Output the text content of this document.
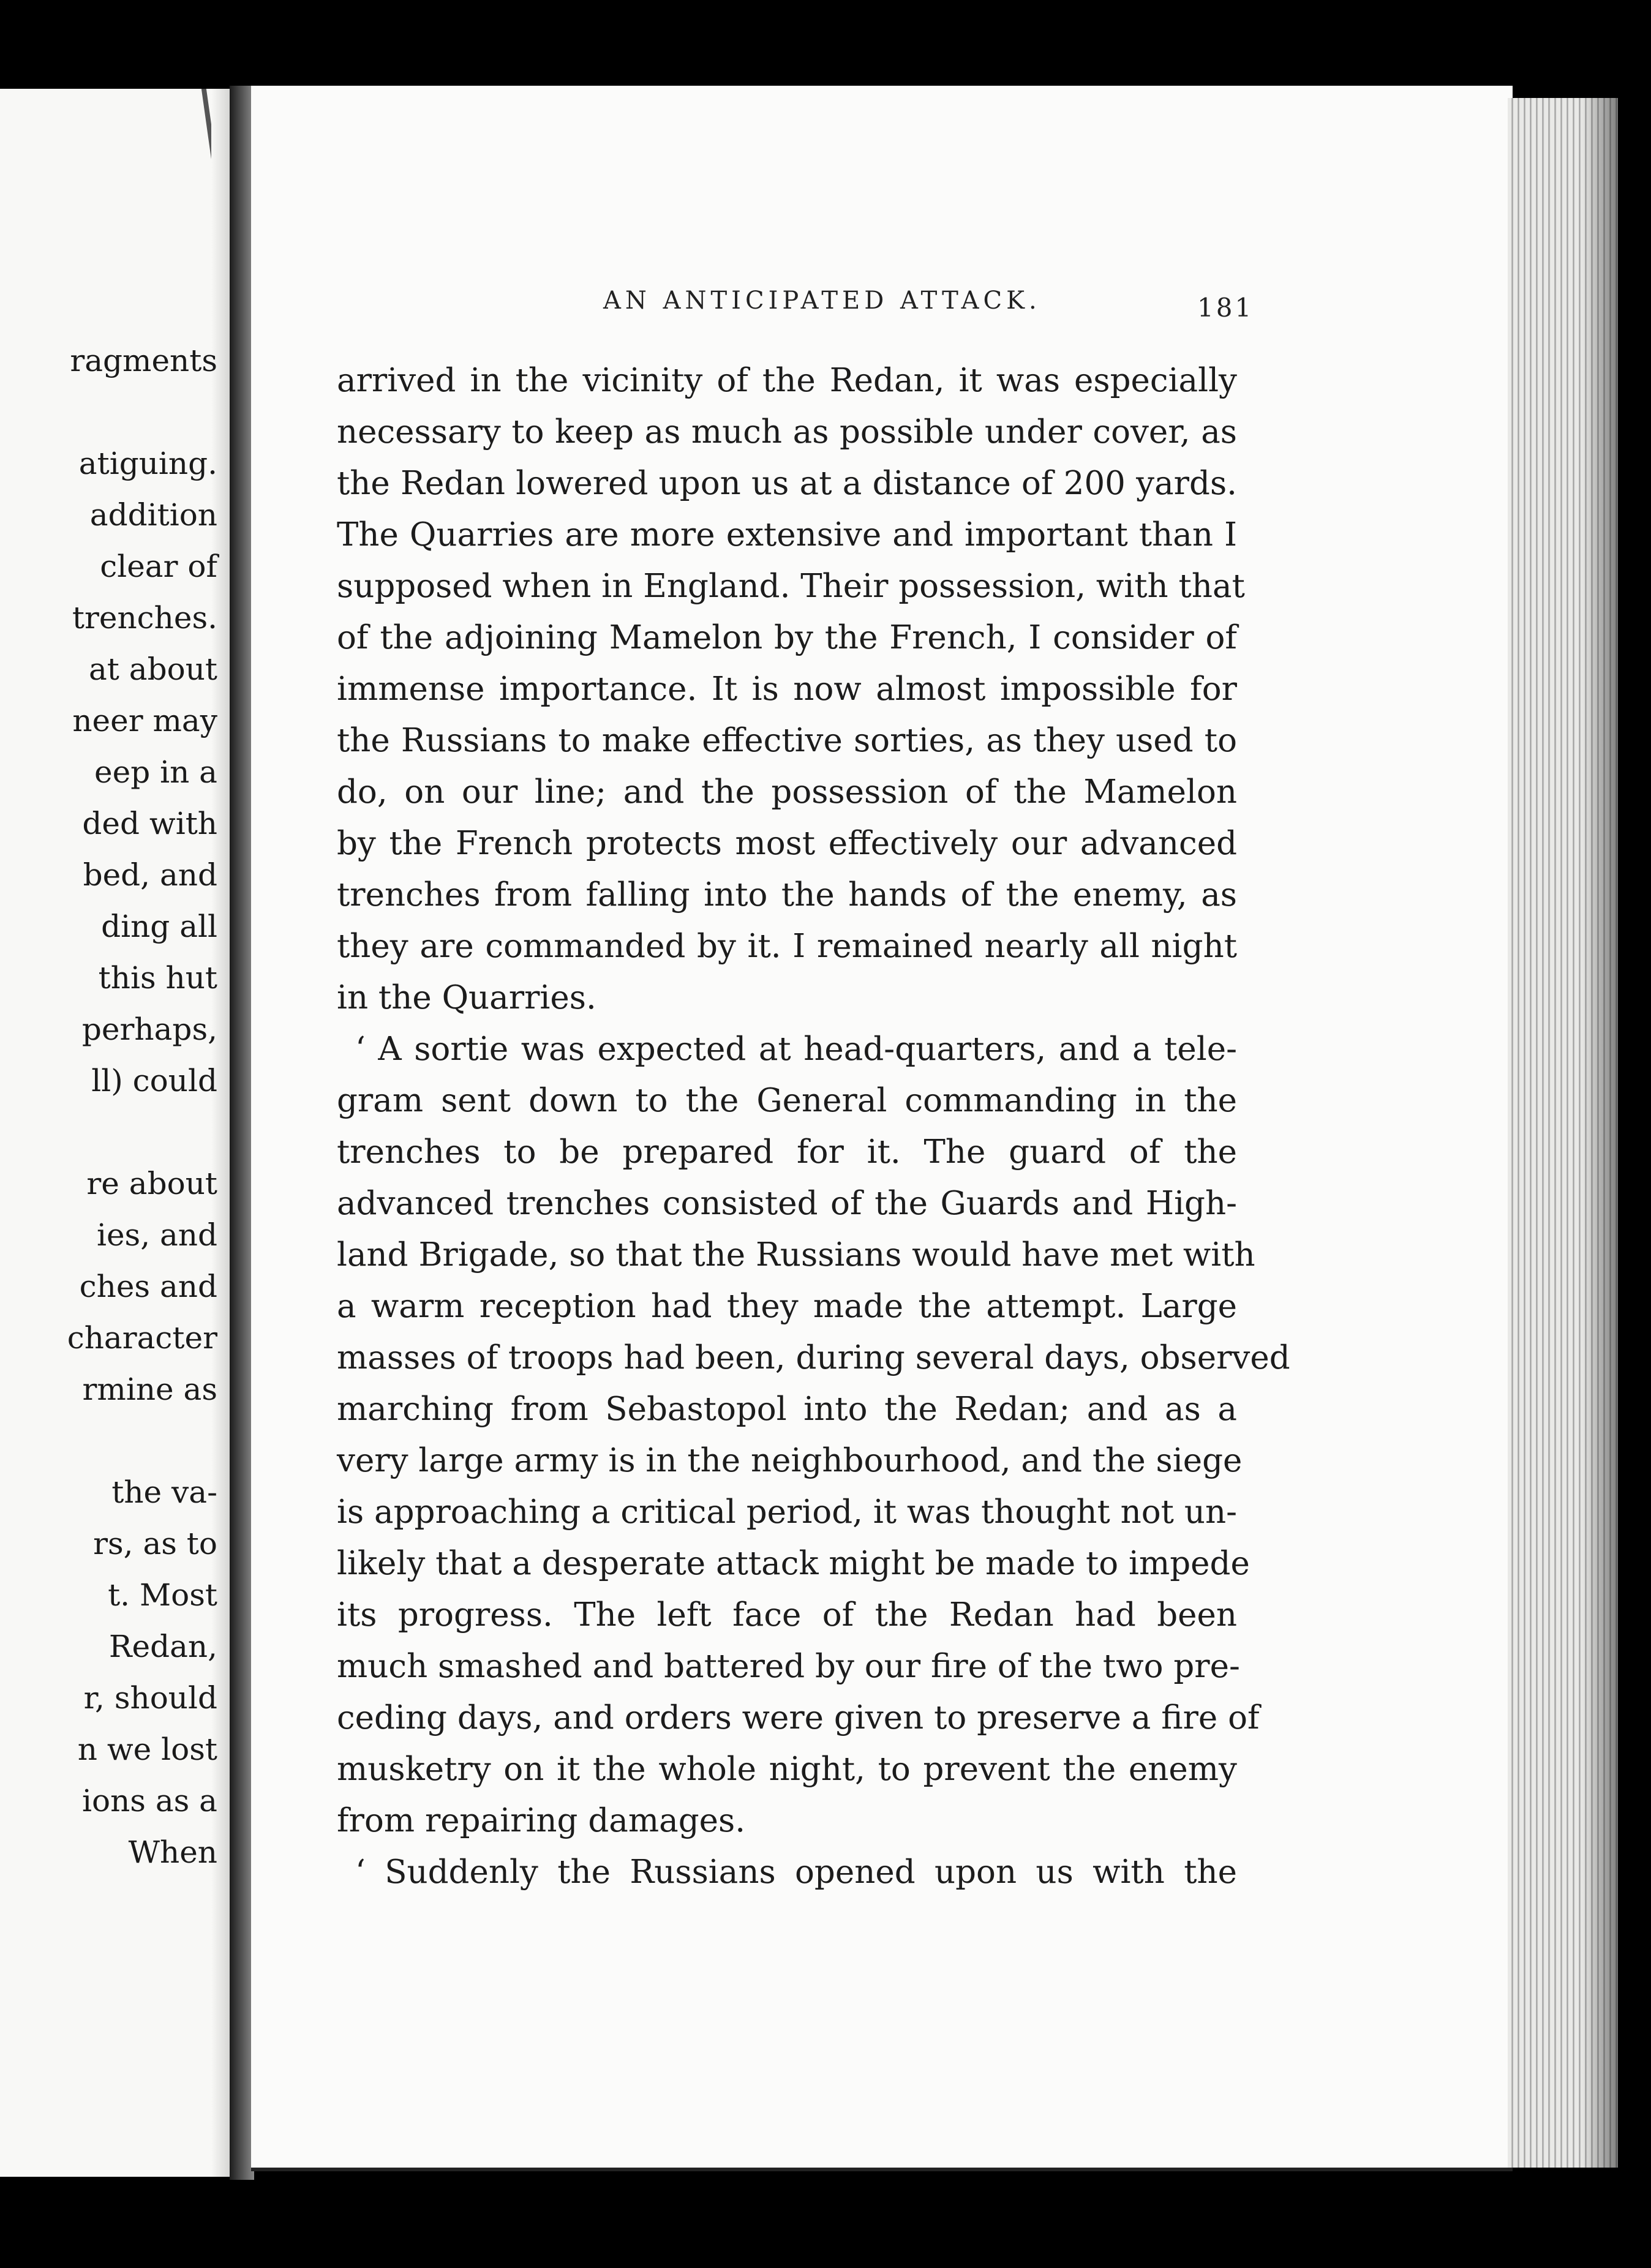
ragments
atiguing.
addition
clear of
trenches.
at about
neer may
eep in a
ded with
bed, and
ding all
this hut
perhaps,
ll) could
re about
ies, and
ches and
character
rmine as
the va-
rs, as to
t. Most
Redan,
r, should
n we lost
ions as a
When
AN ANTICIPATED ATTACK.	181
arrived in the vicinity of the Redan, it was especially
necessary to keep as much as possible under cover, as
the Redan lowered upon us at a distance of 200 yards.
The Quarries are more extensive and important than I
supposed when in England. Their possession, with that
of the adjoining Mamelon by the French, I consider of
immense importance. It is now almost impossible for
the Russians to make effective sorties, as they used to
do, on our line; and the possession of the Mamelon
by the French protects most effectively our advanced
trenches from falling into the hands of the enemy, as
they are commanded by it. I remained nearly all night
in the Quarries.
‘ A sortie was expected at head-quarters, and a tele-
gram sent down to the General commanding in the
trenches to be prepared for it. The guard of the
advanced trenches consisted of the Guards and High-
land Brigade, so that the Russians would have met with
a warm reception had they made the attempt. Large
masses of troops had been, during several days, observed
marching from Sebastopol into the Redan; and as a
very large army is in the neighbourhood, and the siege
is approaching a critical period, it was thought not un-
likely that a desperate attack might be made to impede
its progress. The left face of the Redan had been
much smashed and battered by our fire of the two pre-
ceding days, and orders were given to preserve a fire of
musketry on it the whole night, to prevent the enemy
from repairing damages.
‘ Suddenly the Russians opened upon us with the
